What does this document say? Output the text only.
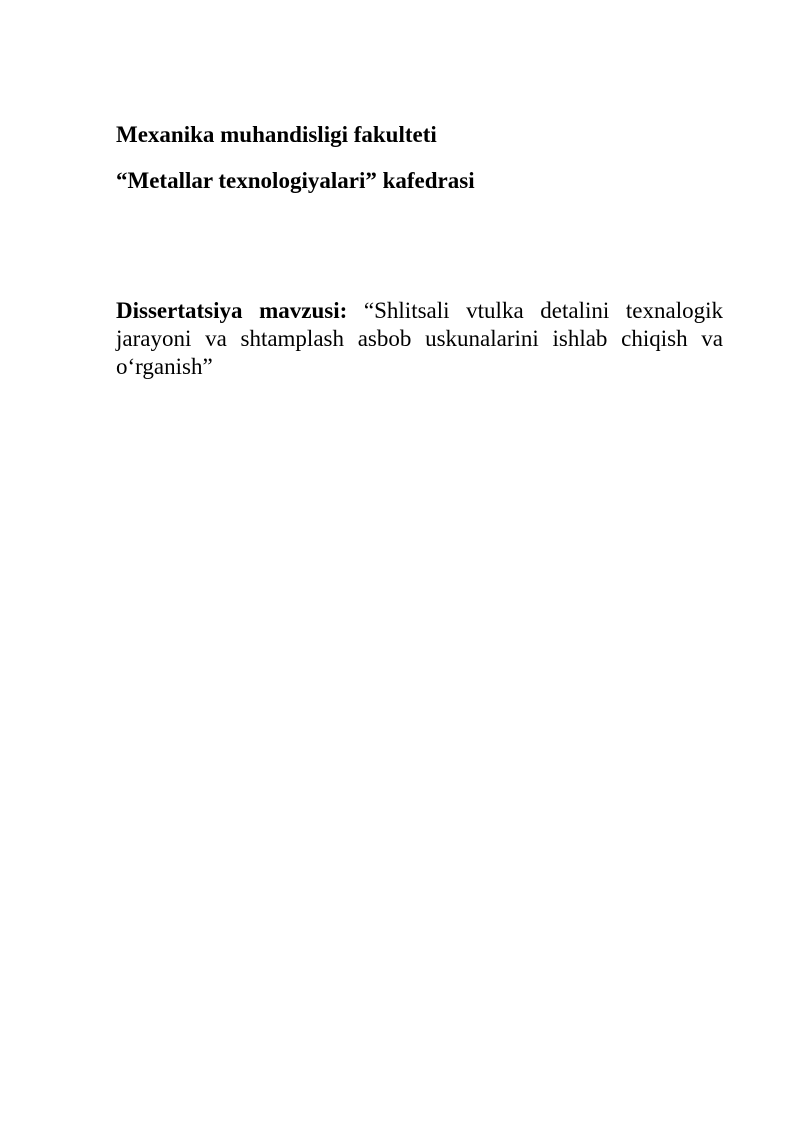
Mexanika muhandisligi fakulteti

“Metallar texnologiyalari” kafedrasi

Dissertatsiya mavzusi: “Shlitsali vtulka detalini texnalogik jarayoni va shtamplash asbob uskunalarini ishlab chiqish va o‘rganish”
